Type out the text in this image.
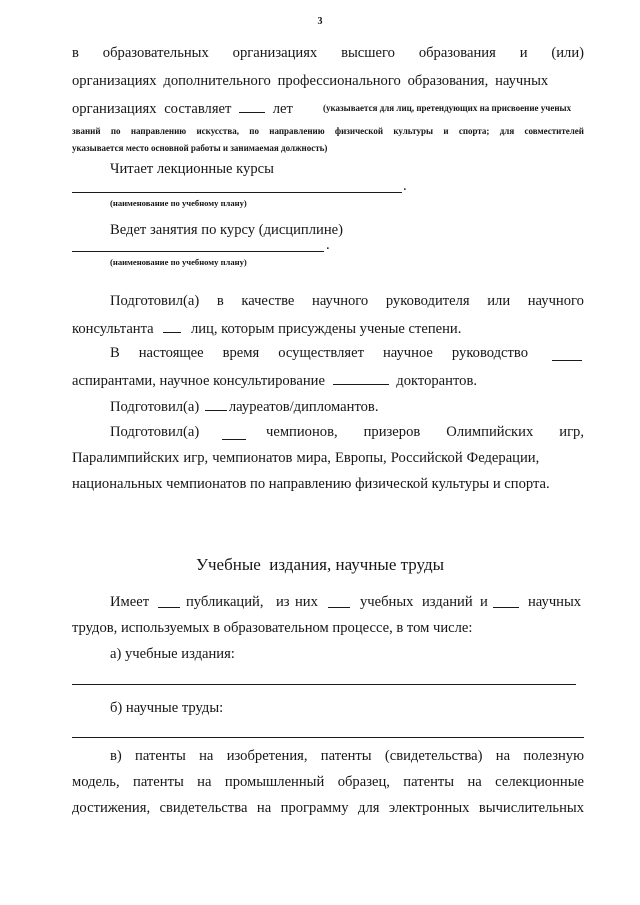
3
в образовательных организациях высшего образования и (или)
организациях дополнительного профессионального образования, научных
организациях составляет	лет	(указывается для лиц, претендующих на присвоение ученых
званий по направлению искусства, по направлению физической культуры и спорта; для совместителей
указывается место основной работы и занимаемая должность)
Читает лекционные курсы
.
(наименование по учебному плану)
Ведет занятия по курсу (дисциплине)
.
(наименование по учебному плану)
Подготовил(а) в качестве научного руководителя или научного
консультанта	лиц, которым присуждены ученые степени.
В настоящее время осуществляет научное руководство
аспирантами, научное консультирование	докторантов.
Подготовил(а) лауреатов/дипломантов.
Подготовил(а)	чемпионов, призеров Олимпийских игр,
Паралимпийских игр, чемпионатов мира, Европы, Российской Федерации,
национальных чемпионатов по направлению физической культуры и спорта.
Учебные  издания, научные труды
Имеет	публикаций, из них	учебных изданий и	научных
трудов, используемых в образовательном процессе, в том числе:
а) учебные издания:
б) научные труды:
в) патенты на изобретения, патенты (свидетельства) на полезную
модель, патенты на промышленный образец, патенты на селекционные
достижения, свидетельства на программу для электронных вычислительных
